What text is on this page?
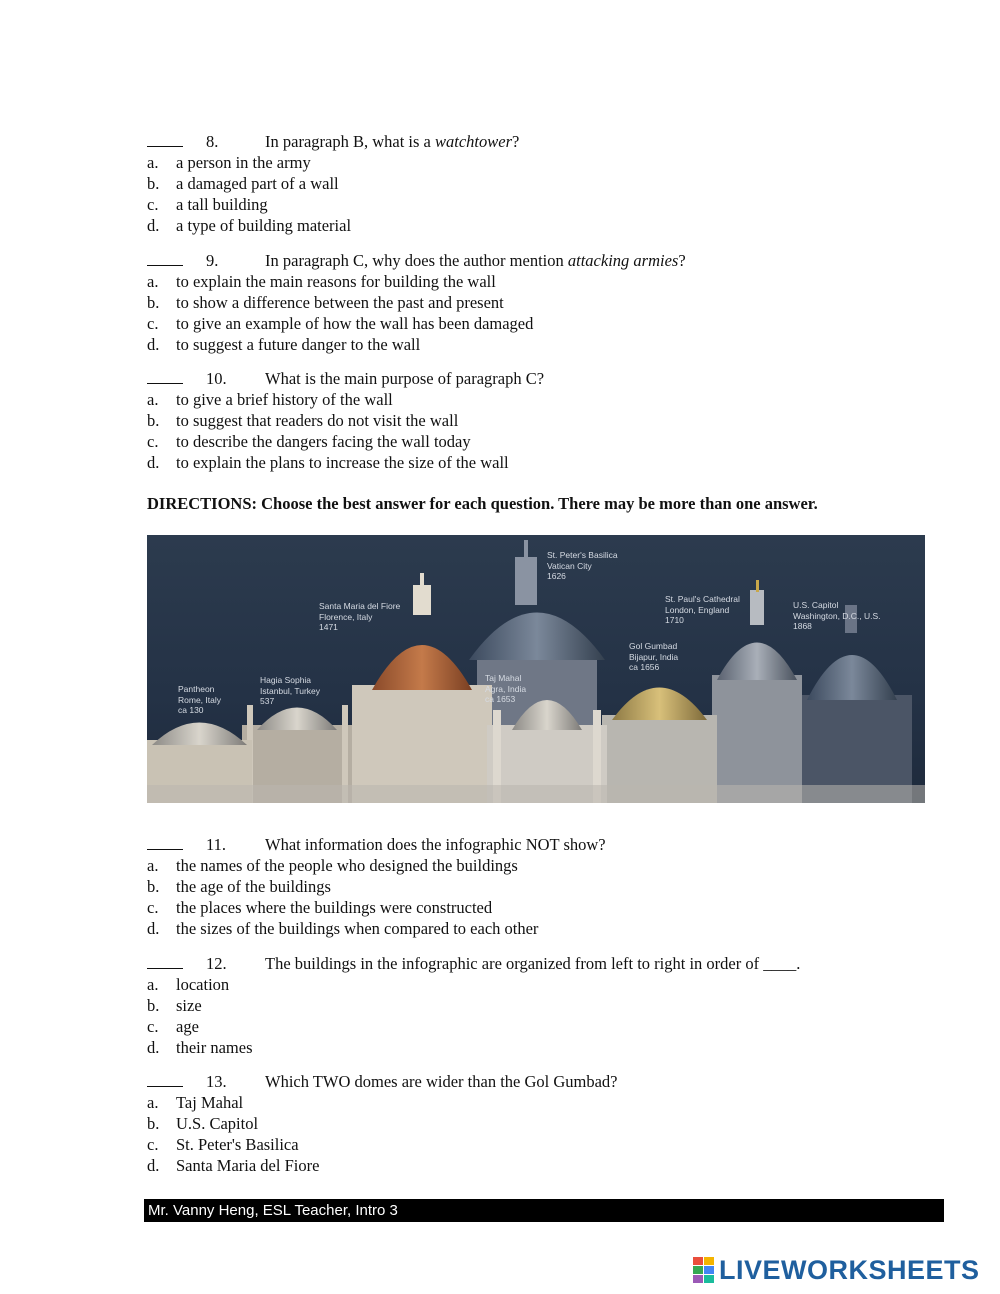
8.	In paragraph B, what is a watchtower?
a. a person in the army
b. a damaged part of a wall
c. a tall building
d. a type of building material
9.	In paragraph C, why does the author mention attacking armies?
a. to explain the main reasons for building the wall
b. to show a difference between the past and present
c. to give an example of how the wall has been damaged
d. to suggest a future danger to the wall
10. What is the main purpose of paragraph C?
a. to give a brief history of the wall
b. to suggest that readers do not visit the wall
c. to describe the dangers facing the wall today
d. to explain the plans to increase the size of the wall
DIRECTIONS: Choose the best answer for each question. There may be more than one answer.
Pantheon
Rome, Italy
ca 130
Hagia Sophia
Istanbul, Turkey
537
Santa Maria del Fiore
Florence, Italy
1471
Taj Mahal
Agra, India
ca 1653
St. Peter's Basilica
Vatican City
1626
Gol Gumbad
Bijapur, India
ca 1656
St. Paul's Cathedral
London, England
1710
U.S. Capitol
Washington, D.C., U.S.
1868
11. What information does the infographic NOT show?
a. the names of the people who designed the buildings
b. the age of the buildings
c. the places where the buildings were constructed
d. the sizes of the buildings when compared to each other
12. The buildings in the infographic are organized from left to right in order of ____.
a. location
b. size
c. age
d. their names
13. Which TWO domes are wider than the Gol Gumbad?
a. Taj Mahal
b. U.S. Capitol
c. St. Peter's Basilica
d. Santa Maria del Fiore
Mr. Vanny Heng, ESL Teacher, Intro 3
LIVEWORKSHEETS
